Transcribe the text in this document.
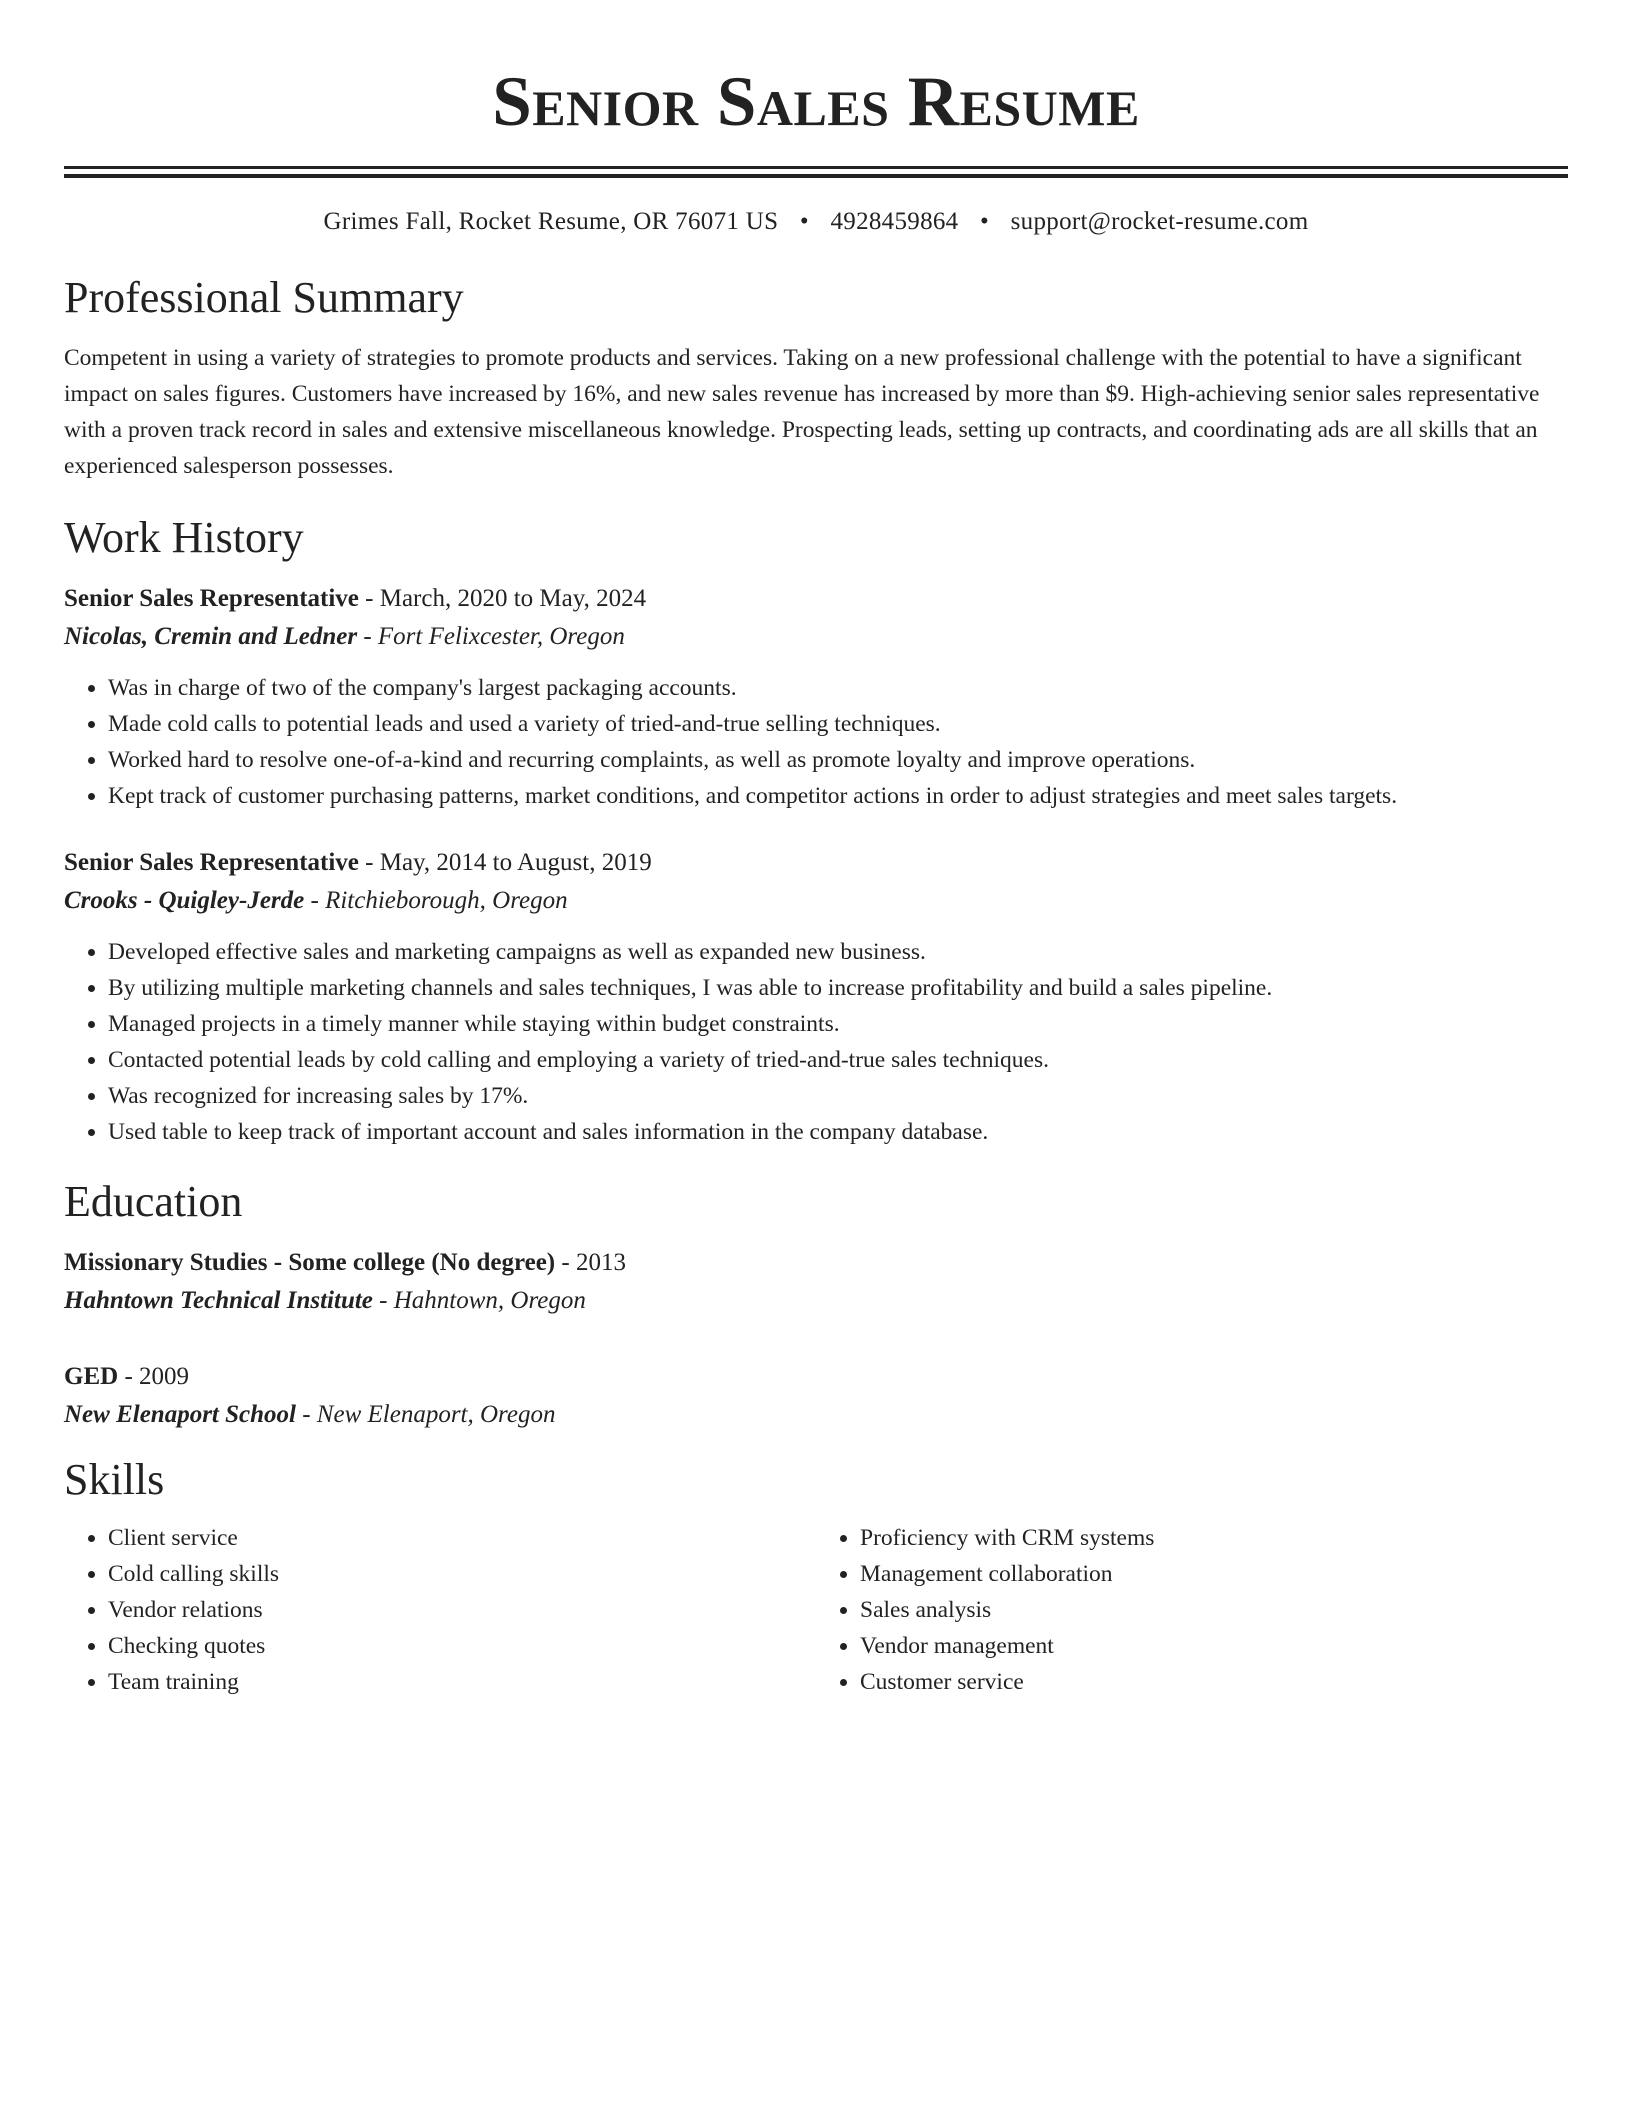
Senior Sales Resume
Grimes Fall, Rocket Resume, OR 76071 US • 4928459864 • support@rocket-resume.com
Professional Summary

Competent in using a variety of strategies to promote products and services. Taking on a new professional challenge with the potential to have a significant impact on sales figures. Customers have increased by 16%, and new sales revenue has increased by more than $9. High-achieving senior sales representative with a proven track record in sales and extensive miscellaneous knowledge. Prospecting leads, setting up contracts, and coordinating ads are all skills that an experienced salesperson possesses.

Work History
Senior Sales Representative - March, 2020 to May, 2024
Nicolas, Cremin and Ledner - Fort Felixcester, Oregon
• Was in charge of two of the company's largest packaging accounts.
• Made cold calls to potential leads and used a variety of tried-and-true selling techniques.
• Worked hard to resolve one-of-a-kind and recurring complaints, as well as promote loyalty and improve operations.
• Kept track of customer purchasing patterns, market conditions, and competitor actions in order to adjust strategies and meet sales targets.
Senior Sales Representative - May, 2014 to August, 2019
Crooks - Quigley-Jerde - Ritchieborough, Oregon
• Developed effective sales and marketing campaigns as well as expanded new business.
• By utilizing multiple marketing channels and sales techniques, I was able to increase profitability and build a sales pipeline.
• Managed projects in a timely manner while staying within budget constraints.
• Contacted potential leads by cold calling and employing a variety of tried-and-true sales techniques.
• Was recognized for increasing sales by 17%.
• Used table to keep track of important account and sales information in the company database.
Education
Missionary Studies - Some college (No degree) - 2013
Hahntown Technical Institute - Hahntown, Oregon
GED - 2009
New Elenaport School - New Elenaport, Oregon
Skills
• Client service
• Cold calling skills
• Vendor relations
• Checking quotes
• Team training
• Proficiency with CRM systems
• Management collaboration
• Sales analysis
• Vendor management
• Customer service
